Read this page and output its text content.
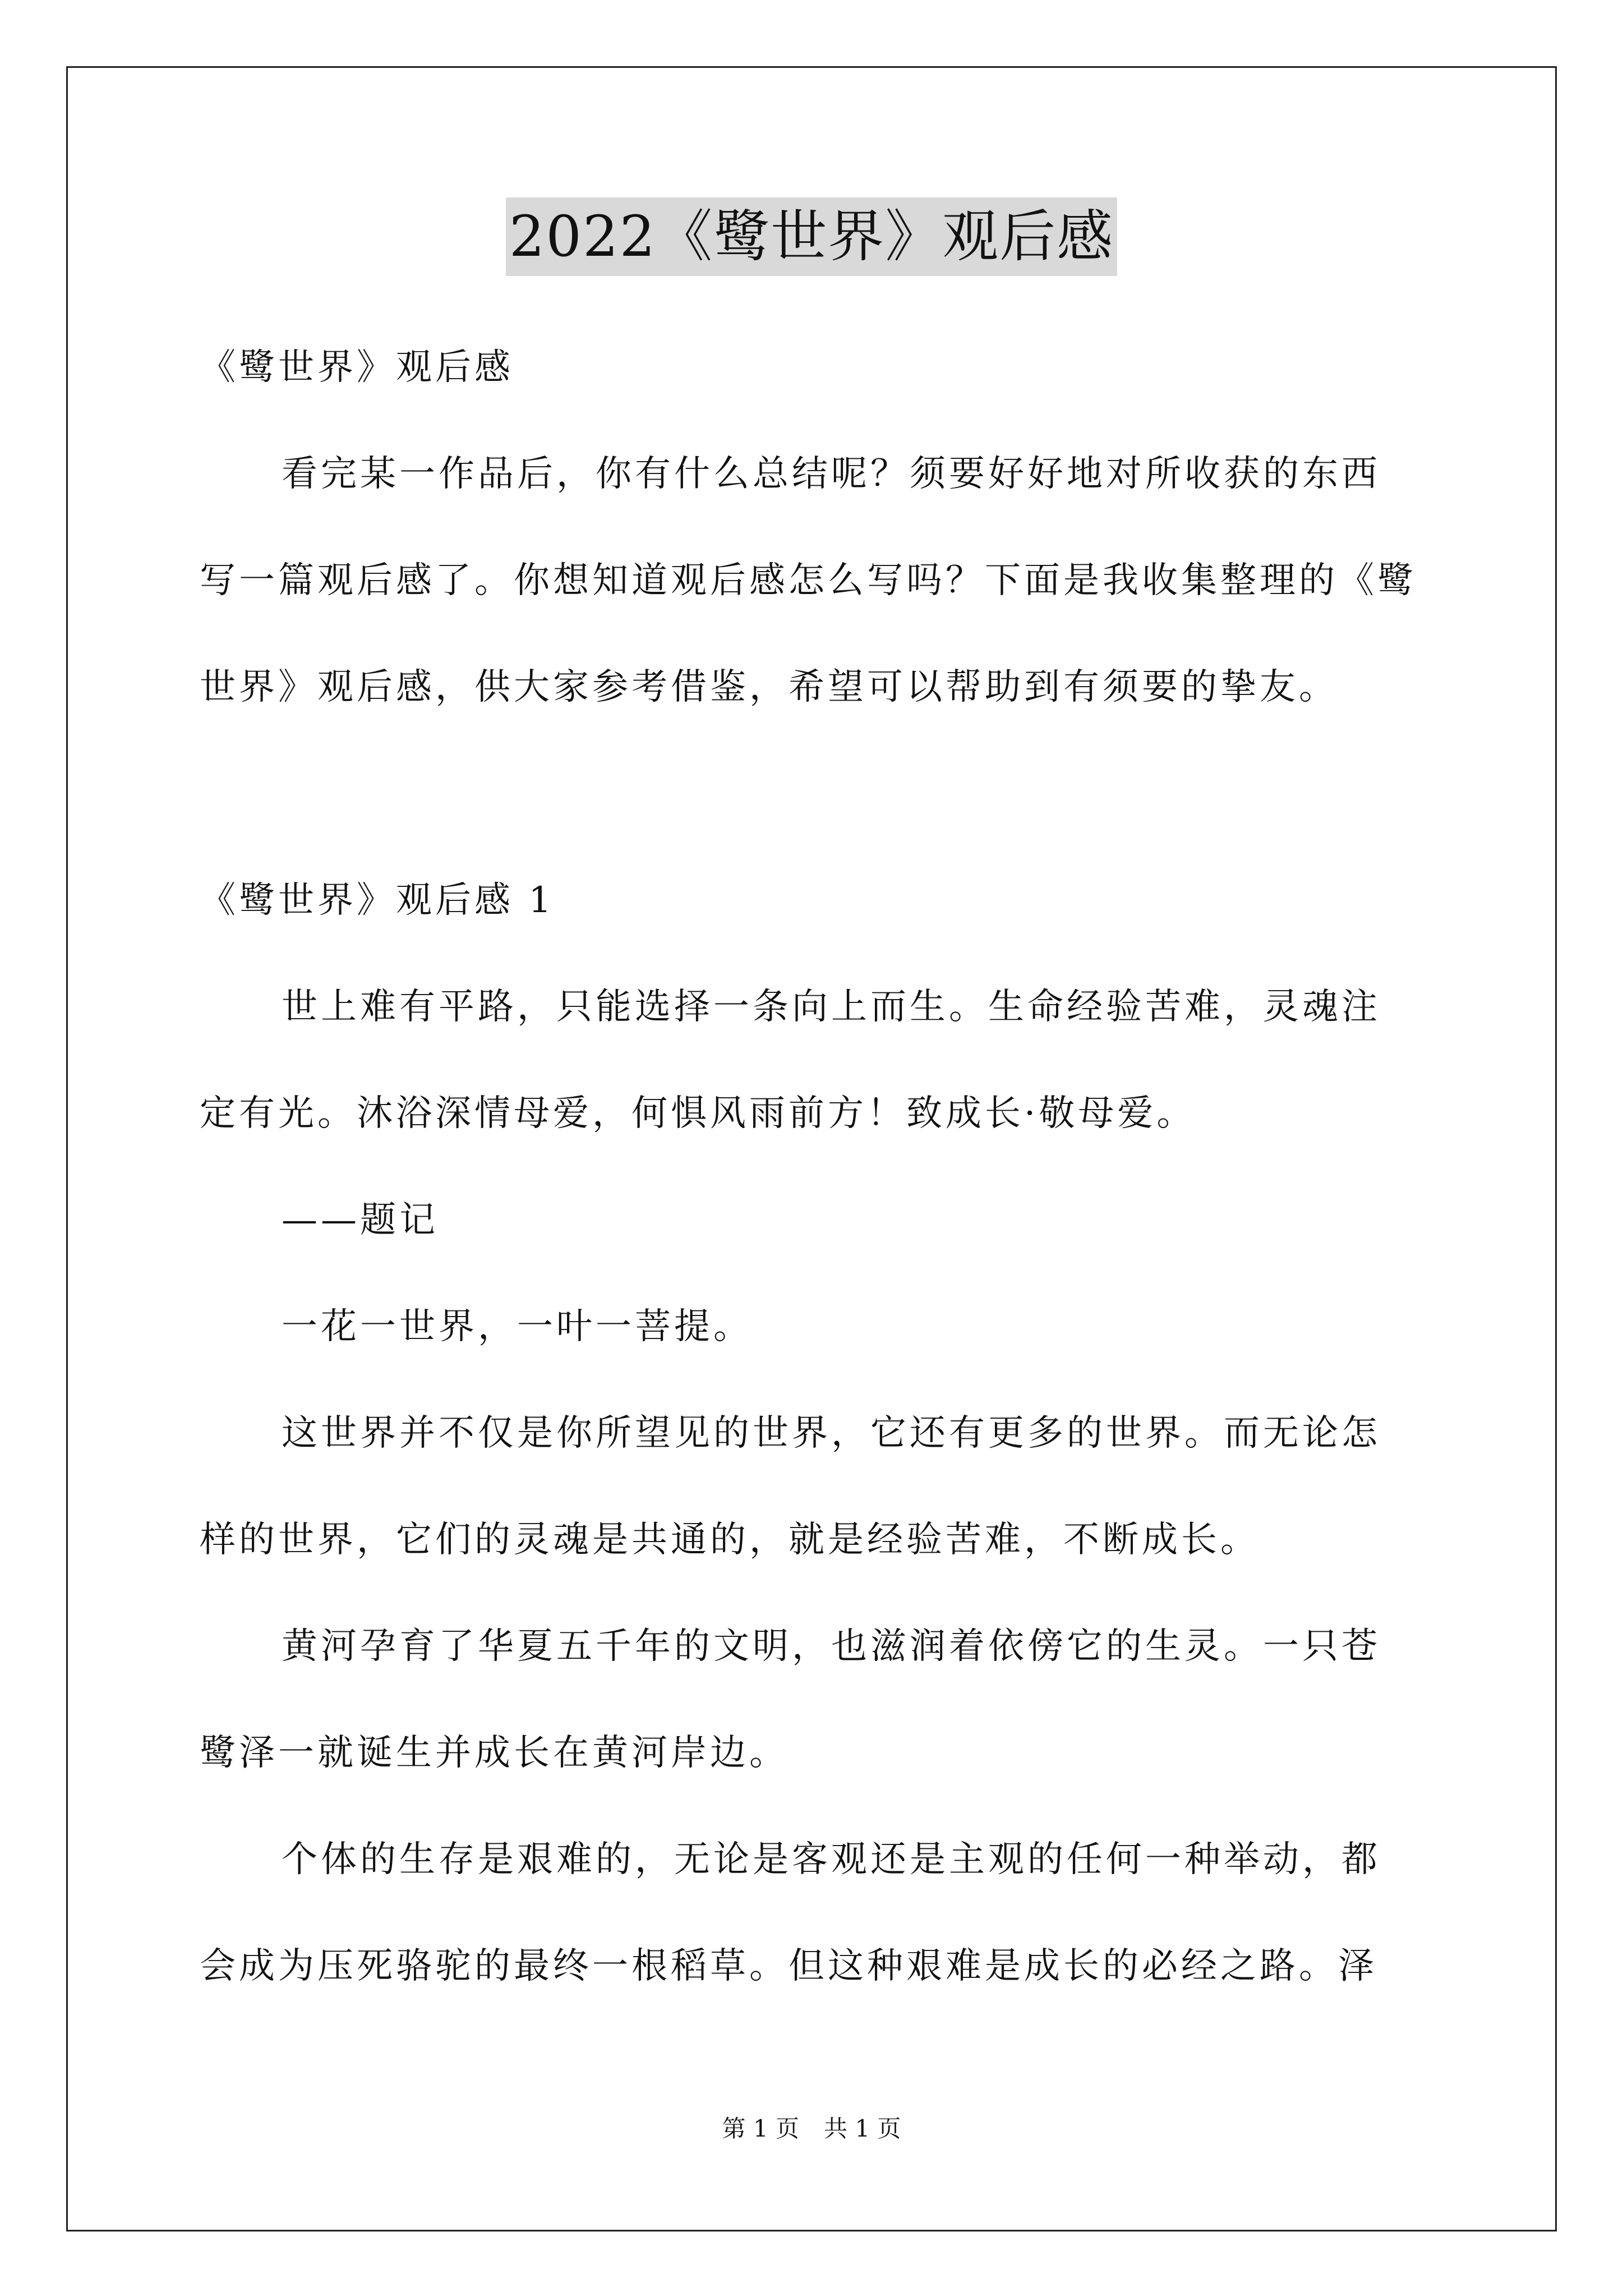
2022《鹭世界》观后感
《鹭世界》观后感
看完某一作品后，你有什么总结呢？须要好好地对所收获的东西
写一篇观后感了。你想知道观后感怎么写吗？下面是我收集整理的《鹭
世界》观后感，供大家参考借鉴，希望可以帮助到有须要的挚友。
《鹭世界》观后感 1
世上难有平路，只能选择一条向上而生。生命经验苦难，灵魂注
定有光。沐浴深情母爱，何惧风雨前方！致成长·敬母爱。
——题记
一花一世界，一叶一菩提。
这世界并不仅是你所望见的世界，它还有更多的世界。而无论怎
样的世界，它们的灵魂是共通的，就是经验苦难，不断成长。
黄河孕育了华夏五千年的文明，也滋润着依傍它的生灵。一只苍
鹭泽一就诞生并成长在黄河岸边。
个体的生存是艰难的，无论是客观还是主观的任何一种举动，都
会成为压死骆驼的最终一根稻草。但这种艰难是成长的必经之路。泽
第 1 页 共 1 页
